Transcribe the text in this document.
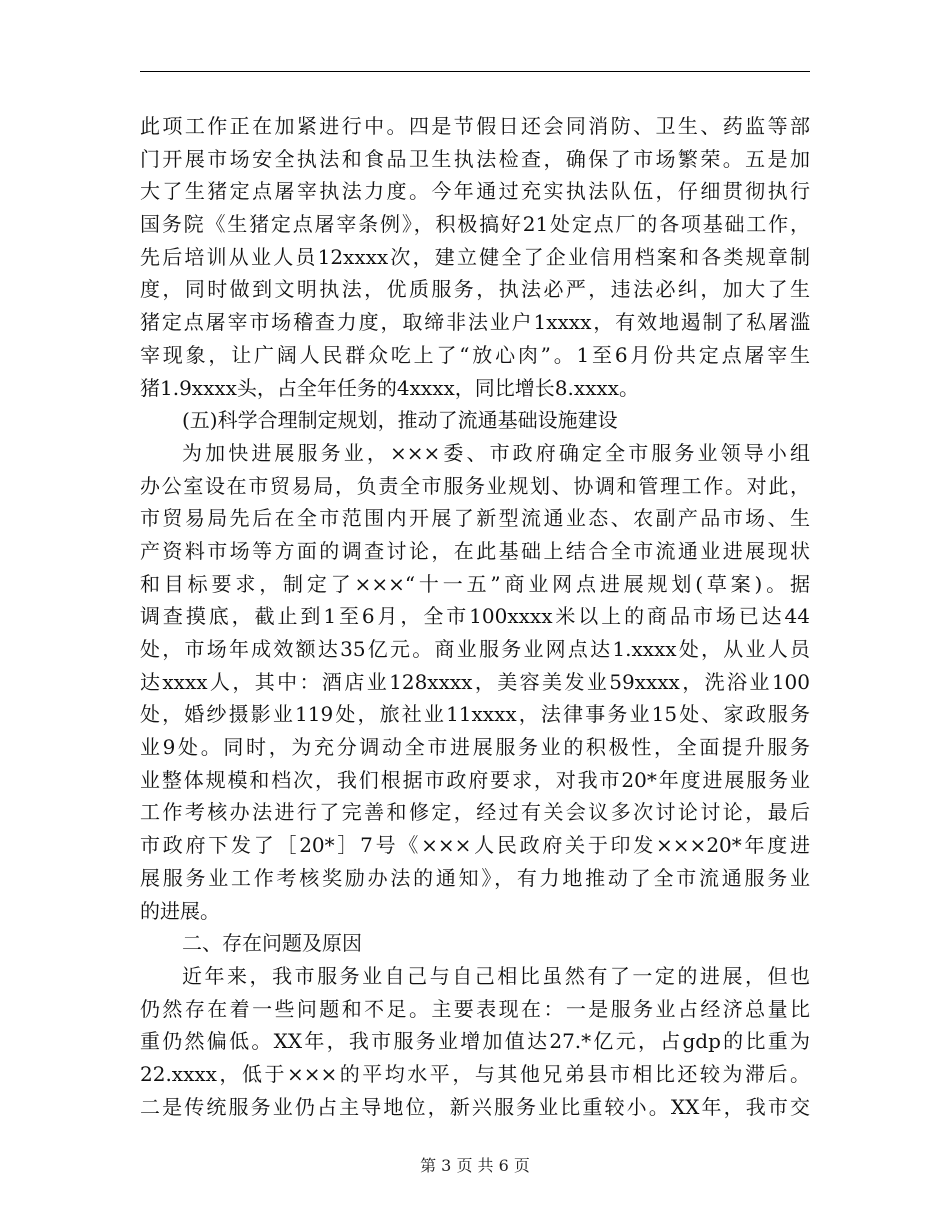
此项工作正在加紧进行中。四是节假日还会同消防、卫生、药监等部
门开展市场安全执法和食品卫生执法检查，确保了市场繁荣。五是加
大了生猪定点屠宰执法力度。今年通过充实执法队伍，仔细贯彻执行
国务院《生猪定点屠宰条例》，积极搞好21处定点厂的各项基础工作，
先后培训从业人员12xxxx次，建立健全了企业信用档案和各类规章制
度，同时做到文明执法，优质服务，执法必严，违法必纠，加大了生
猪定点屠宰市场稽查力度，取缔非法业户1xxxx，有效地遏制了私屠滥
宰现象，让广阔人民群众吃上了“放心肉”。1至6月份共定点屠宰生
猪1.9xxxx头，占全年任务的4xxxx，同比增长8.xxxx。
(五)科学合理制定规划，推动了流通基础设施建设
为加快进展服务业，×××委、市政府确定全市服务业领导小组
办公室设在市贸易局，负责全市服务业规划、协调和管理工作。对此，
市贸易局先后在全市范围内开展了新型流通业态、农副产品市场、生
产资料市场等方面的调查讨论，在此基础上结合全市流通业进展现状
和目标要求，制定了×××“十一五”商业网点进展规划(草案)。据
调查摸底，截止到1至6月，全市100xxxx米以上的商品市场已达44
处，市场年成效额达35亿元。商业服务业网点达1.xxxx处，从业人员
达xxxx人，其中：酒店业128xxxx，美容美发业59xxxx，洗浴业100
处，婚纱摄影业119处，旅社业11xxxx，法律事务业15处、家政服务
业9处。同时，为充分调动全市进展服务业的积极性，全面提升服务
业整体规模和档次，我们根据市政府要求，对我市20*年度进展服务业
工作考核办法进行了完善和修定，经过有关会议多次讨论讨论，最后
市政府下发了［20*］7号《×××人民政府关于印发×××20*年度进
展服务业工作考核奖励办法的通知》，有力地推动了全市流通服务业
的进展。
二、存在问题及原因
近年来，我市服务业自己与自己相比虽然有了一定的进展，但也
仍然存在着一些问题和不足。主要表现在：一是服务业占经济总量比
重仍然偏低。XX年，我市服务业增加值达27.*亿元，占gdp的比重为
22.xxxx，低于×××的平均水平，与其他兄弟县市相比还较为滞后。
二是传统服务业仍占主导地位，新兴服务业比重较小。XX年，我市交
第 3 页 共 6 页
